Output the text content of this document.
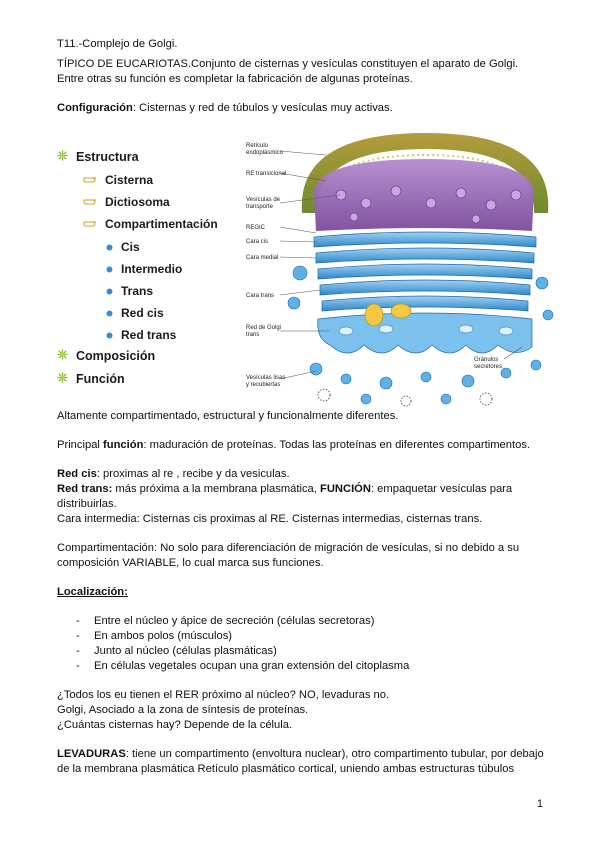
T11.-Complejo de Golgi.
TÍPICO DE EUCARIOTAS.Conjunto de cisternas y vesículas constituyen el aparato de Golgi.
Entre otras su función es completar la fabricación de algunas proteínas.
Configuración: Cisternas y red de túbulos y vesículas muy activas.
Estructura
Cisterna
Dictiosoma
Compartimentación
Cis
Intermedio
Trans
Red cis
Red trans
Composición
Función
Retículo
endoplásmico
RE transicional
Vesículas de
transporte
REGIC
Cara cis
Cara medial
Cara trans
Red de Golgi
trans
Gránulos
secretores
Vesículas lisas
y recubiertas
Altamente compartimentado, estructural y funcionalmente diferentes.
Principal función: maduración de proteínas. Todas las proteínas en diferentes compartimentos.
Red cis: proximas al re , recibe y da vesiculas.
Red trans: más próxima a la membrana plasmática, FUNCIÓN: empaquetar vesículas para
distribuirlas.
Cara intermedia: Cisternas cis proximas al RE. Cisternas intermedias, cisternas trans.
Compartimentación: No solo para diferenciación de migración de vesículas, si no debido a su
composición VARIABLE, lo cual marca sus funciones.
Localización:
- Entre el núcleo y ápice de secreción (células secretoras)
- En ambos polos (músculos)
- Junto al núcleo (células plasmáticas)
- En células vegetales ocupan una gran extensión del citoplasma
¿Todos los eu tienen el RER próximo al núcleo? NO, levaduras no.
Golgi, Asociado a la zona de síntesis de proteínas.
¿Cuántas cisternas hay? Depende de la célula.
LEVADURAS: tiene un compartimento (envoltura nuclear), otro compartimento tubular, por debajo
de la membrana plasmática Retículo plasmático cortical, uniendo ambas estructuras túbulos
1
